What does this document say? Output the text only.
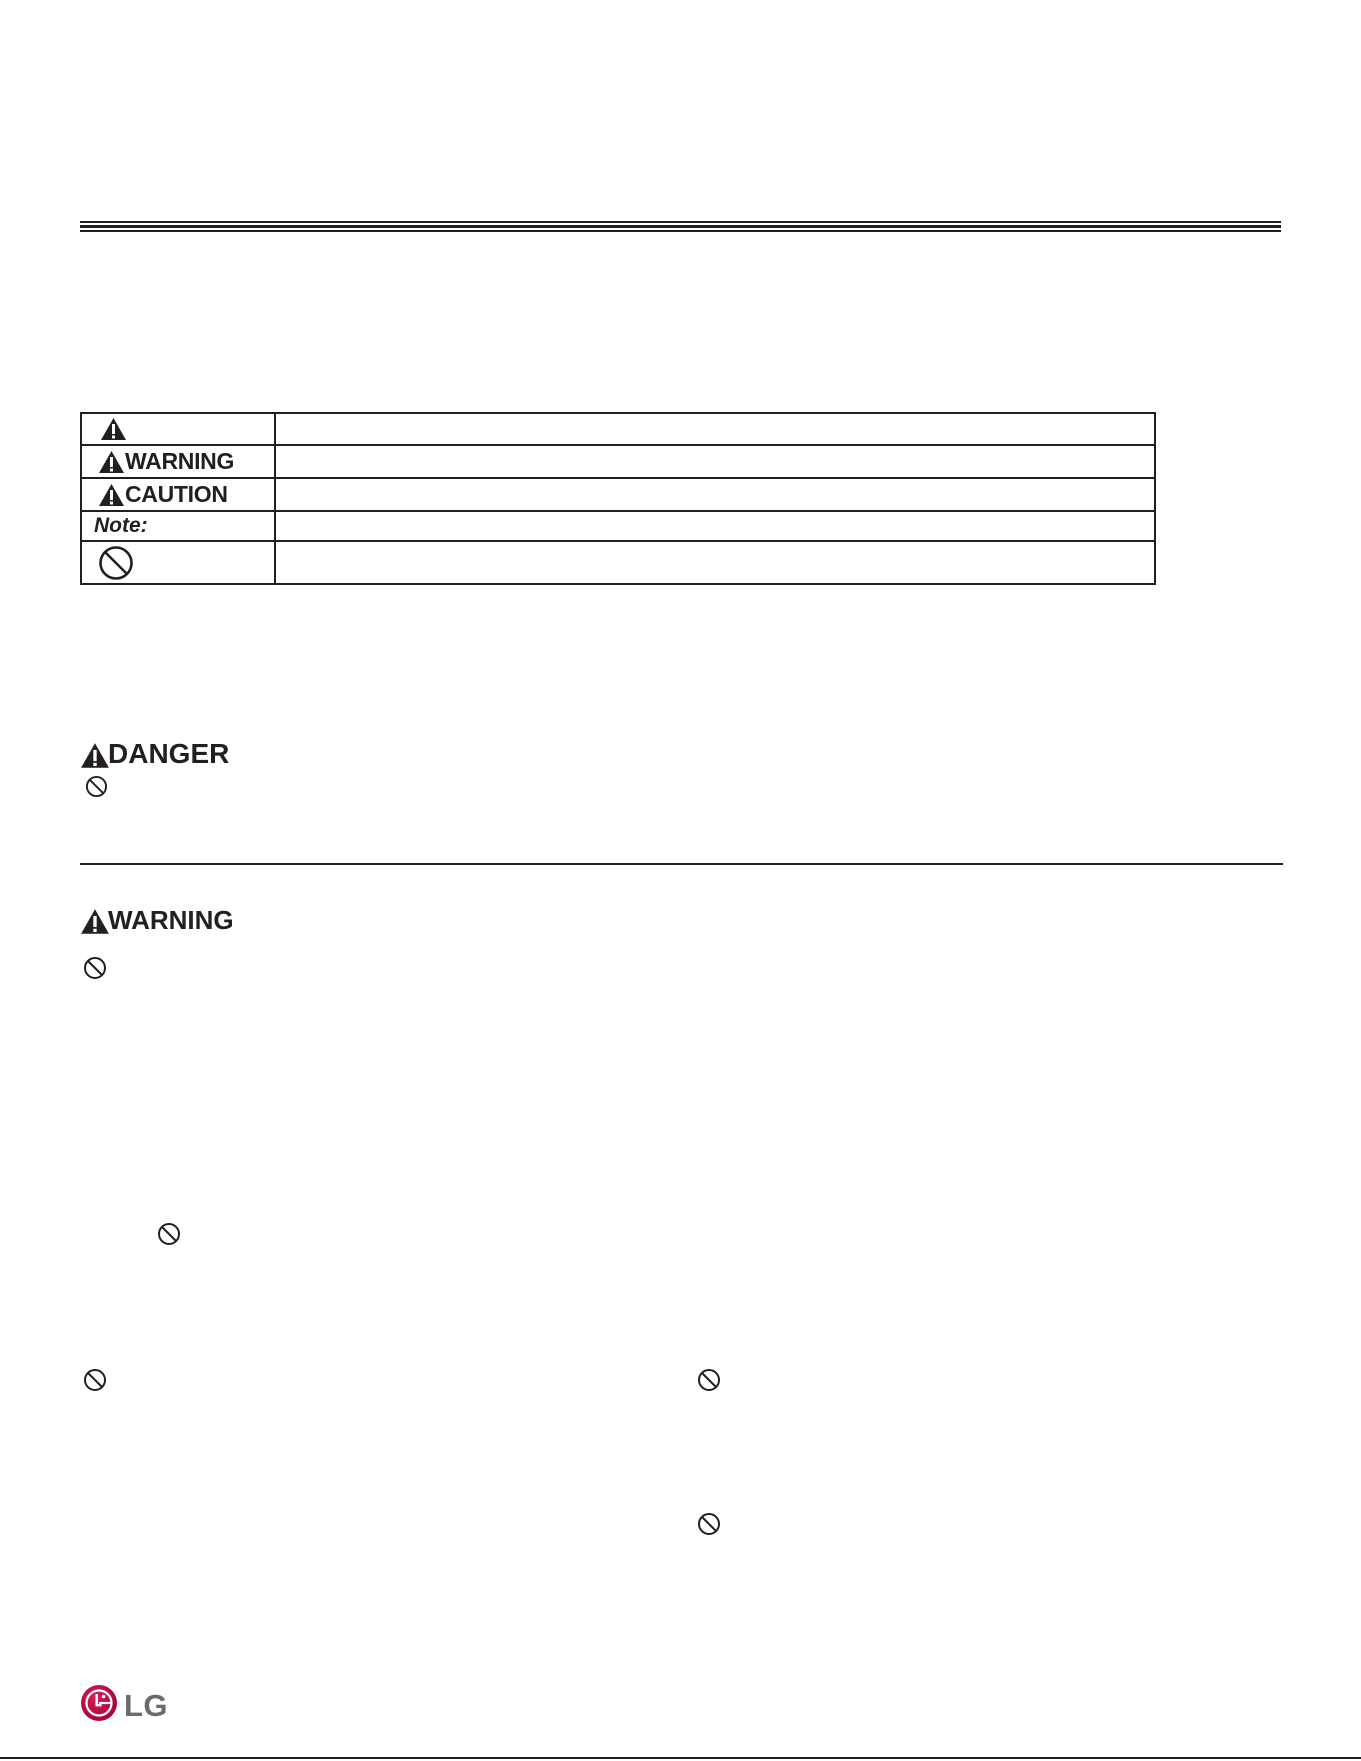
WARNING	

CAUTION	

Note:	

DANGER
WARNING
LG
